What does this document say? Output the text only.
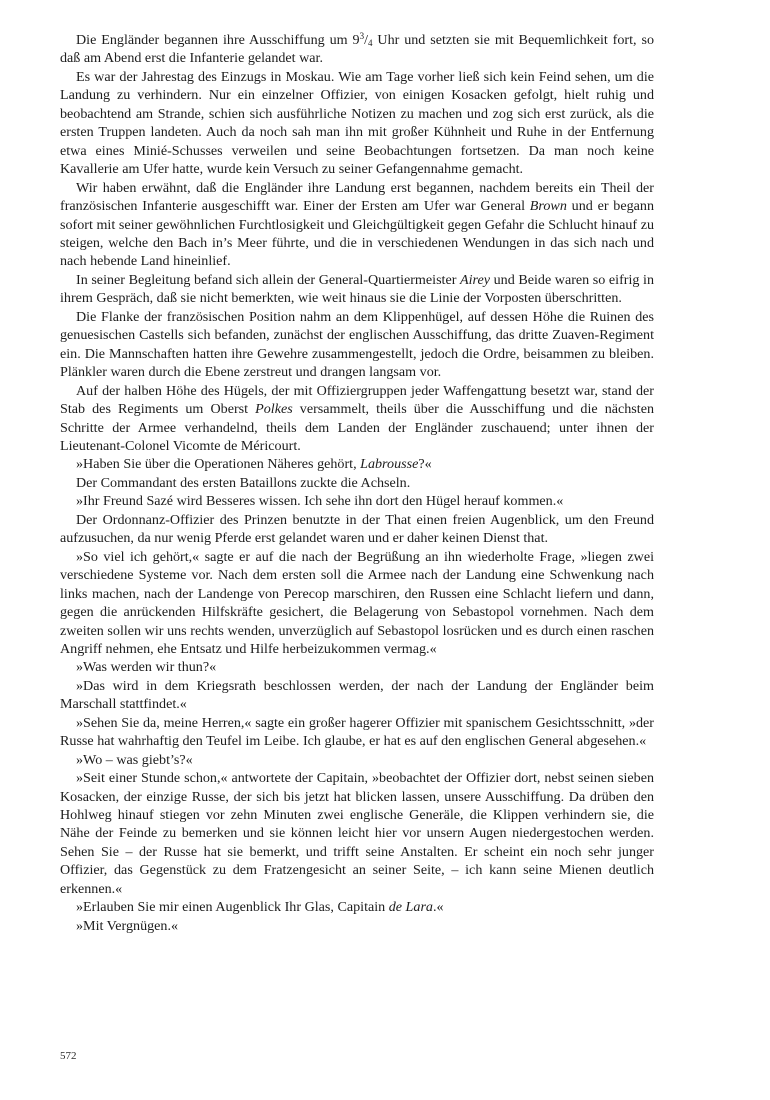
Die Engländer begannen ihre Ausschiffung um $9^3/_4$ Uhr und setzten sie mit Bequemlichkeit fort, so daß am Abend erst die Infanterie gelandet war.

Es war der Jahrestag des Einzugs in Moskau. Wie am Tage vorher ließ sich kein Feind sehen, um die Landung zu verhindern. Nur ein einzelner Offizier, von einigen Kosacken gefolgt, hielt ruhig und beobachtend am Strande, schien sich ausführliche Notizen zu machen und zog sich erst zurück, als die ersten Truppen landeten. Auch da noch sah man ihn mit großer Kühnheit und Ruhe in der Entfernung etwa eines Minié-Schusses verweilen und seine Beobachtungen fortsetzen. Da man noch keine Kavallerie am Ufer hatte, wurde kein Versuch zu seiner Gefangennahme gemacht.

Wir haben erwähnt, daß die Engländer ihre Landung erst begannen, nachdem bereits ein Theil der französischen Infanterie ausgeschifft war. Einer der Ersten am Ufer war General Brown und er begann sofort mit seiner gewöhnlichen Furchtlosigkeit und Gleichgültigkeit gegen Gefahr die Schlucht hinauf zu steigen, welche den Bach in’s Meer führte, und die in verschiedenen Wendungen in das sich nach und nach hebende Land hineinlief.

In seiner Begleitung befand sich allein der General-Quartiermeister Airey und Beide waren so eifrig in ihrem Gespräch, daß sie nicht bemerkten, wie weit hinaus sie die Linie der Vorposten überschritten.

Die Flanke der französischen Position nahm an dem Klippenhügel, auf dessen Höhe die Ruinen des genuesischen Castells sich befanden, zunächst der englischen Ausschiffung, das dritte Zuaven-Regiment ein. Die Mannschaften hatten ihre Gewehre zusammengestellt, jedoch die Ordre, beisammen zu bleiben. Plänkler waren durch die Ebene zerstreut und drangen langsam vor.

Auf der halben Höhe des Hügels, der mit Offiziergruppen jeder Waffengattung besetzt war, stand der Stab des Regiments um Oberst Polkes versammelt, theils über die Ausschiffung und die nächsten Schritte der Armee verhandelnd, theils dem Landen der Engländer zuschauend; unter ihnen der Lieutenant-Colonel Vicomte de Méricourt.

»Haben Sie über die Operationen Näheres gehört, Labrousse?«

Der Commandant des ersten Bataillons zuckte die Achseln.

»Ihr Freund Sazé wird Besseres wissen. Ich sehe ihn dort den Hügel herauf kommen.«

Der Ordonnanz-Offizier des Prinzen benutzte in der That einen freien Augenblick, um den Freund aufzusuchen, da nur wenig Pferde erst gelandet waren und er daher keinen Dienst that.

»So viel ich gehört,« sagte er auf die nach der Begrüßung an ihn wiederholte Frage, »liegen zwei verschiedene Systeme vor. Nach dem ersten soll die Armee nach der Landung eine Schwenkung nach links machen, nach der Landenge von Perecop marschiren, den Russen eine Schlacht liefern und dann, gegen die anrückenden Hilfskräfte gesichert, die Belagerung von Sebastopol vornehmen. Nach dem zweiten sollen wir uns rechts wenden, unverzüglich auf Sebastopol losrücken und es durch einen raschen Angriff nehmen, ehe Entsatz und Hilfe herbeizukommen vermag.«

»Was werden wir thun?«

»Das wird in dem Kriegsrath beschlossen werden, der nach der Landung der Engländer beim Marschall stattfindet.«

»Sehen Sie da, meine Herren,« sagte ein großer hagerer Offizier mit spanischem Gesichtsschnitt, »der Russe hat wahrhaftig den Teufel im Leibe. Ich glaube, er hat es auf den englischen General abgesehen.«

»Wo – was giebt’s?«

»Seit einer Stunde schon,« antwortete der Capitain, »beobachtet der Offizier dort, nebst seinen sieben Kosacken, der einzige Russe, der sich bis jetzt hat blicken lassen, unsere Ausschiffung. Da drüben den Hohlweg hinauf stiegen vor zehn Minuten zwei englische Generäle, die Klippen verhindern sie, die Nähe der Feinde zu bemerken und sie können leicht hier vor unsern Augen niedergestochen werden. Sehen Sie – der Russe hat sie bemerkt, und trifft seine Anstalten. Er scheint ein noch sehr junger Offizier, das Gegenstück zu dem Fratzengesicht an seiner Seite, – ich kann seine Mienen deutlich erkennen.«

»Erlauben Sie mir einen Augenblick Ihr Glas, Capitain de Lara.«

»Mit Vergnügen.«

572
